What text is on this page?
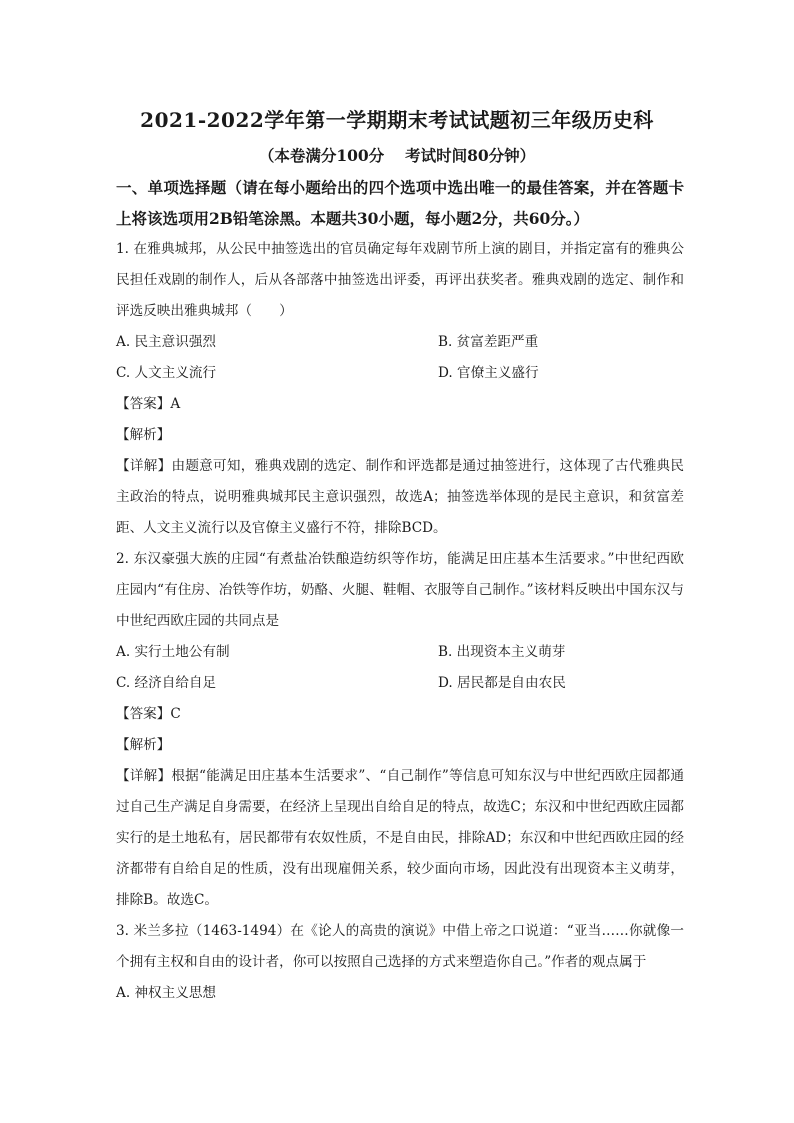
2021-2022学年第一学期期末考试试题初三年级历史科
（本卷满分100分　 考试时间80分钟）
一、单项选择题（请在每小题给出的四个选项中选出唯一的最佳答案，并在答题卡上将该选项用2B铅笔涂黑。本题共30小题，每小题2分，共60分。）

1. 在雅典城邦，从公民中抽签选出的官员确定每年戏剧节所上演的剧目，并指定富有的雅典公民担任戏剧的制作人，后从各部落中抽签选出评委，再评出获奖者。雅典戏剧的选定、制作和评选反映出雅典城邦（　　）

A. 民主意识强烈	B. 贫富差距严重
C. 人文主义流行	D. 官僚主义盛行
【答案】A
【解析】

【详解】由题意可知，雅典戏剧的选定、制作和评选都是通过抽签进行，这体现了古代雅典民主政治的特点，说明雅典城邦民主意识强烈，故选A；抽签选举体现的是民主意识，和贫富差距、人文主义流行以及官僚主义盛行不符，排除BCD。

2. 东汉豪强大族的庄园“有煮盐冶铁酿造纺织等作坊，能满足田庄基本生活要求。”中世纪西欧庄园内“有住房、冶铁等作坊，奶酪、火腿、鞋帽、衣服等自己制作。”该材料反映出中国东汉与中世纪西欧庄园的共同点是

A. 实行土地公有制	B. 出现资本主义萌芽
C. 经济自给自足	D. 居民都是自由农民
【答案】C
【解析】

【详解】根据“能满足田庄基本生活要求”、“自己制作”等信息可知东汉与中世纪西欧庄园都通过自己生产满足自身需要，在经济上呈现出自给自足的特点，故选C；东汉和中世纪西欧庄园都实行的是土地私有，居民都带有农奴性质，不是自由民，排除AD；东汉和中世纪西欧庄园的经济都带有自给自足的性质，没有出现雇佣关系，较少面向市场，因此没有出现资本主义萌芽，排除B。故选C。

3. 米兰多拉（1463-1494）在《论人的高贵的演说》中借上帝之口说道：“亚当……你就像一个拥有主权和自由的设计者，你可以按照自己选择的方式来塑造你自己。”作者的观点属于

A. 神权主义思想
